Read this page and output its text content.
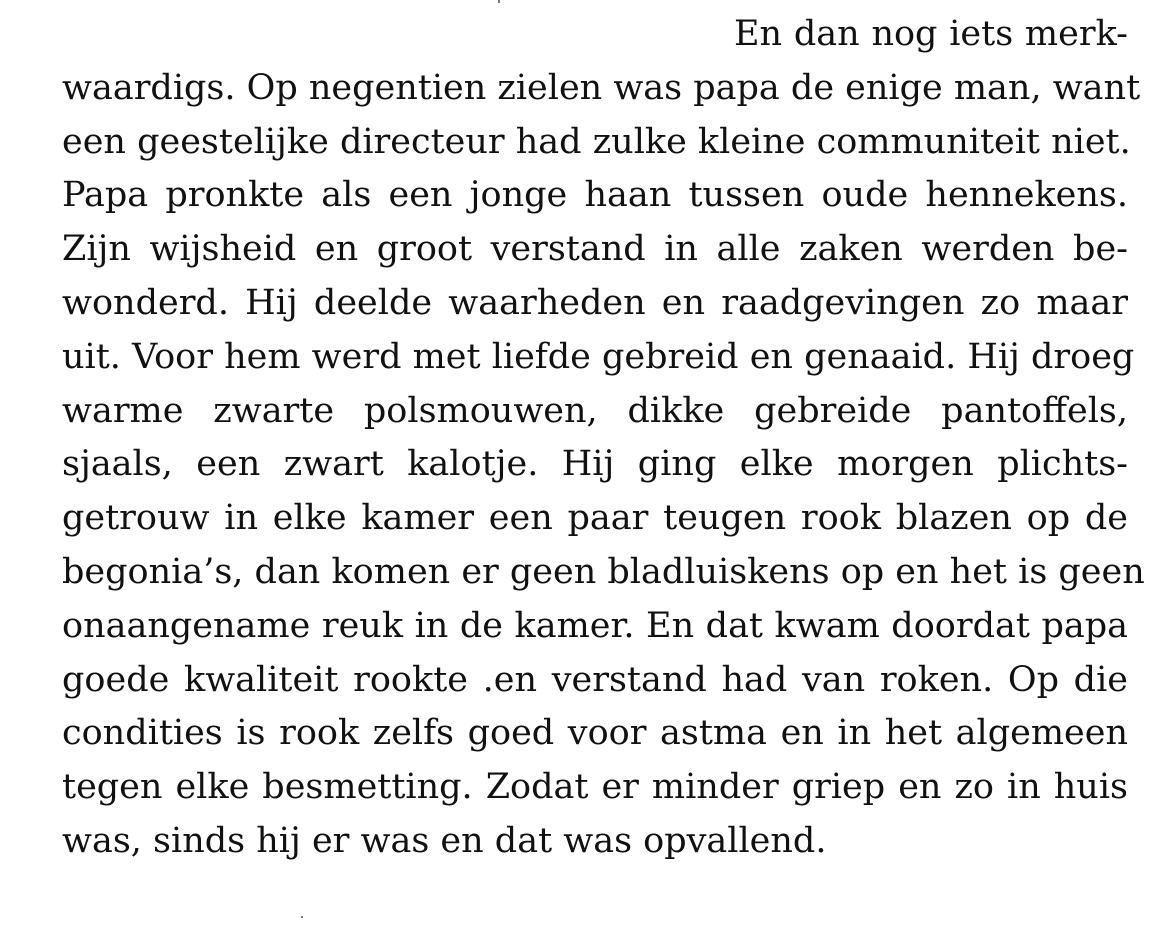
En dan nog iets merk-
waardigs. Op negentien zielen was papa de enige man, want
een geestelijke directeur had zulke kleine communiteit niet.
Papa pronkte als een jonge haan tussen oude hennekens.
Zijn wijsheid en groot verstand in alle zaken werden be-
wonderd. Hij deelde waarheden en raadgevingen zo maar
uit. Voor hem werd met liefde gebreid en genaaid. Hij droeg
warme zwarte polsmouwen, dikke gebreide pantoffels,
sjaals, een zwart kalotje. Hij ging elke morgen plichts-
getrouw in elke kamer een paar teugen rook blazen op de
begonia’s, dan komen er geen bladluiskens op en het is geen
onaangename reuk in de kamer. En dat kwam doordat papa
goede kwaliteit rookte .en verstand had van roken. Op die
condities is rook zelfs goed voor astma en in het algemeen
tegen elke besmetting. Zodat er minder griep en zo in huis
was, sinds hij er was en dat was opvallend.
